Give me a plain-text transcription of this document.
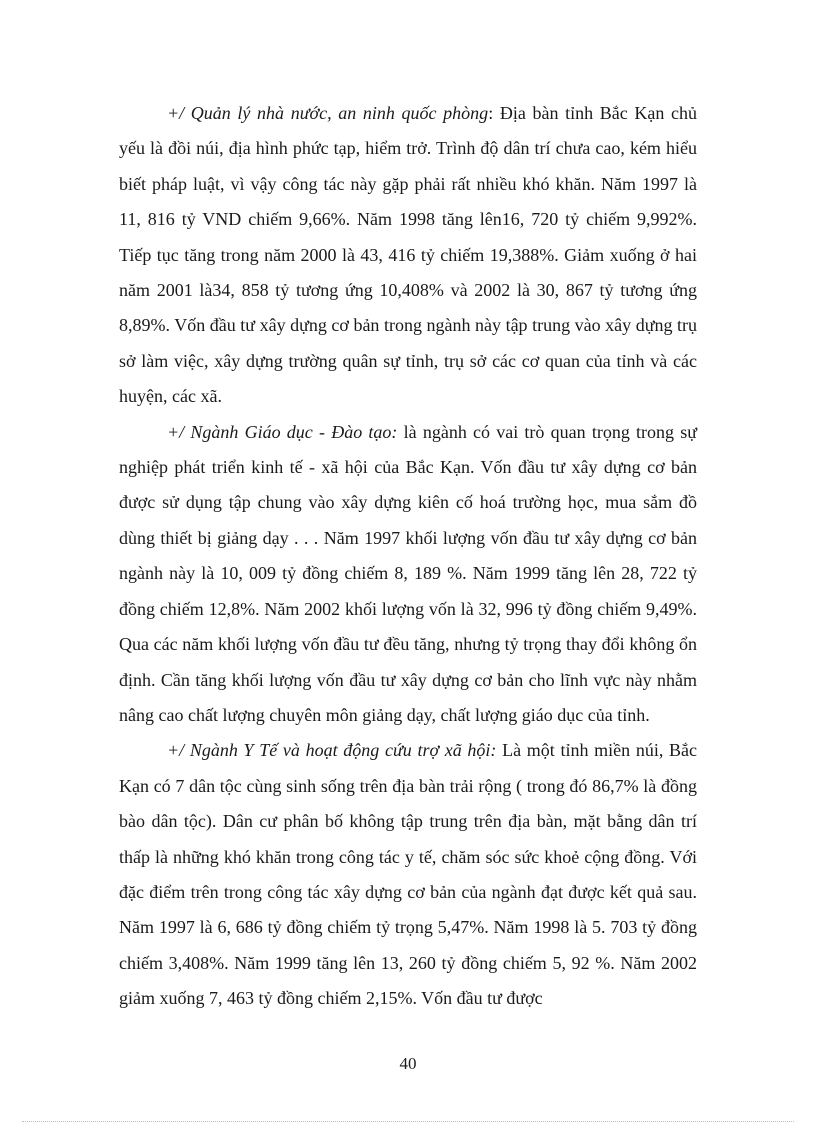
+/ Quản lý nhà nước, an ninh quốc phòng: Địa bàn tỉnh Bắc Kạn chủ yếu là đồi núi, địa hình phức tạp, hiểm trở. Trình độ dân trí chưa cao, kém hiểu biết pháp luật, vì vậy công tác này gặp phải rất nhiều khó khăn. Năm 1997 là 11, 816 tỷ VND chiếm 9,66%. Năm 1998 tăng lên16, 720 tỷ chiếm 9,992%. Tiếp tục tăng trong năm 2000 là 43, 416 tỷ chiếm 19,388%. Giảm xuống ở hai năm 2001 là34, 858 tỷ tương ứng 10,408% và 2002 là 30, 867 tỷ tương ứng 8,89%. Vốn đầu tư xây dựng cơ bản trong ngành này tập trung vào xây dựng trụ sở làm việc, xây dựng trường quân sự tỉnh, trụ sở các cơ quan của tỉnh và các huyện, các xã.

+/ Ngành Giáo dục - Đào tạo: là ngành có vai trò quan trọng trong sự nghiệp phát triển kinh tế - xã hội của Bắc Kạn. Vốn đầu tư xây dựng cơ bản được sử dụng tập chung vào xây dựng kiên cố hoá trường học, mua sắm đồ dùng thiết bị giảng dạy . . . Năm 1997 khối lượng vốn đầu tư xây dựng cơ bản ngành này là 10, 009 tỷ đồng chiếm 8, 189 %. Năm 1999 tăng lên 28, 722 tỷ đồng chiếm 12,8%. Năm 2002 khối lượng vốn là 32, 996 tỷ đồng chiếm 9,49%. Qua các năm khối lượng vốn đầu tư đều tăng, nhưng tỷ trọng thay đổi không ổn định. Cần tăng khối lượng vốn đầu tư xây dựng cơ bản cho lĩnh vực này nhằm nâng cao chất lượng chuyên môn giảng dạy, chất lượng giáo dục của tỉnh.

+/ Ngành Y Tế và hoạt động cứu trợ xã hội: Là một tỉnh miền núi, Bắc Kạn có 7 dân tộc cùng sinh sống trên địa bàn trải rộng ( trong đó 86,7% là đồng bào dân tộc). Dân cư phân bố không tập trung trên địa bàn, mặt bằng dân trí thấp là những khó khăn trong công tác y tế, chăm sóc sức khoẻ cộng đồng. Với đặc điểm trên trong công tác xây dựng cơ bản của ngành đạt được kết quả sau. Năm 1997 là 6, 686 tỷ đồng chiếm tỷ trọng 5,47%. Năm 1998 là 5. 703 tỷ đồng chiếm 3,408%. Năm 1999 tăng lên 13, 260 tỷ đồng chiếm 5, 92 %. Năm 2002 giảm xuống 7, 463 tỷ đồng chiếm 2,15%. Vốn đầu tư được

40
